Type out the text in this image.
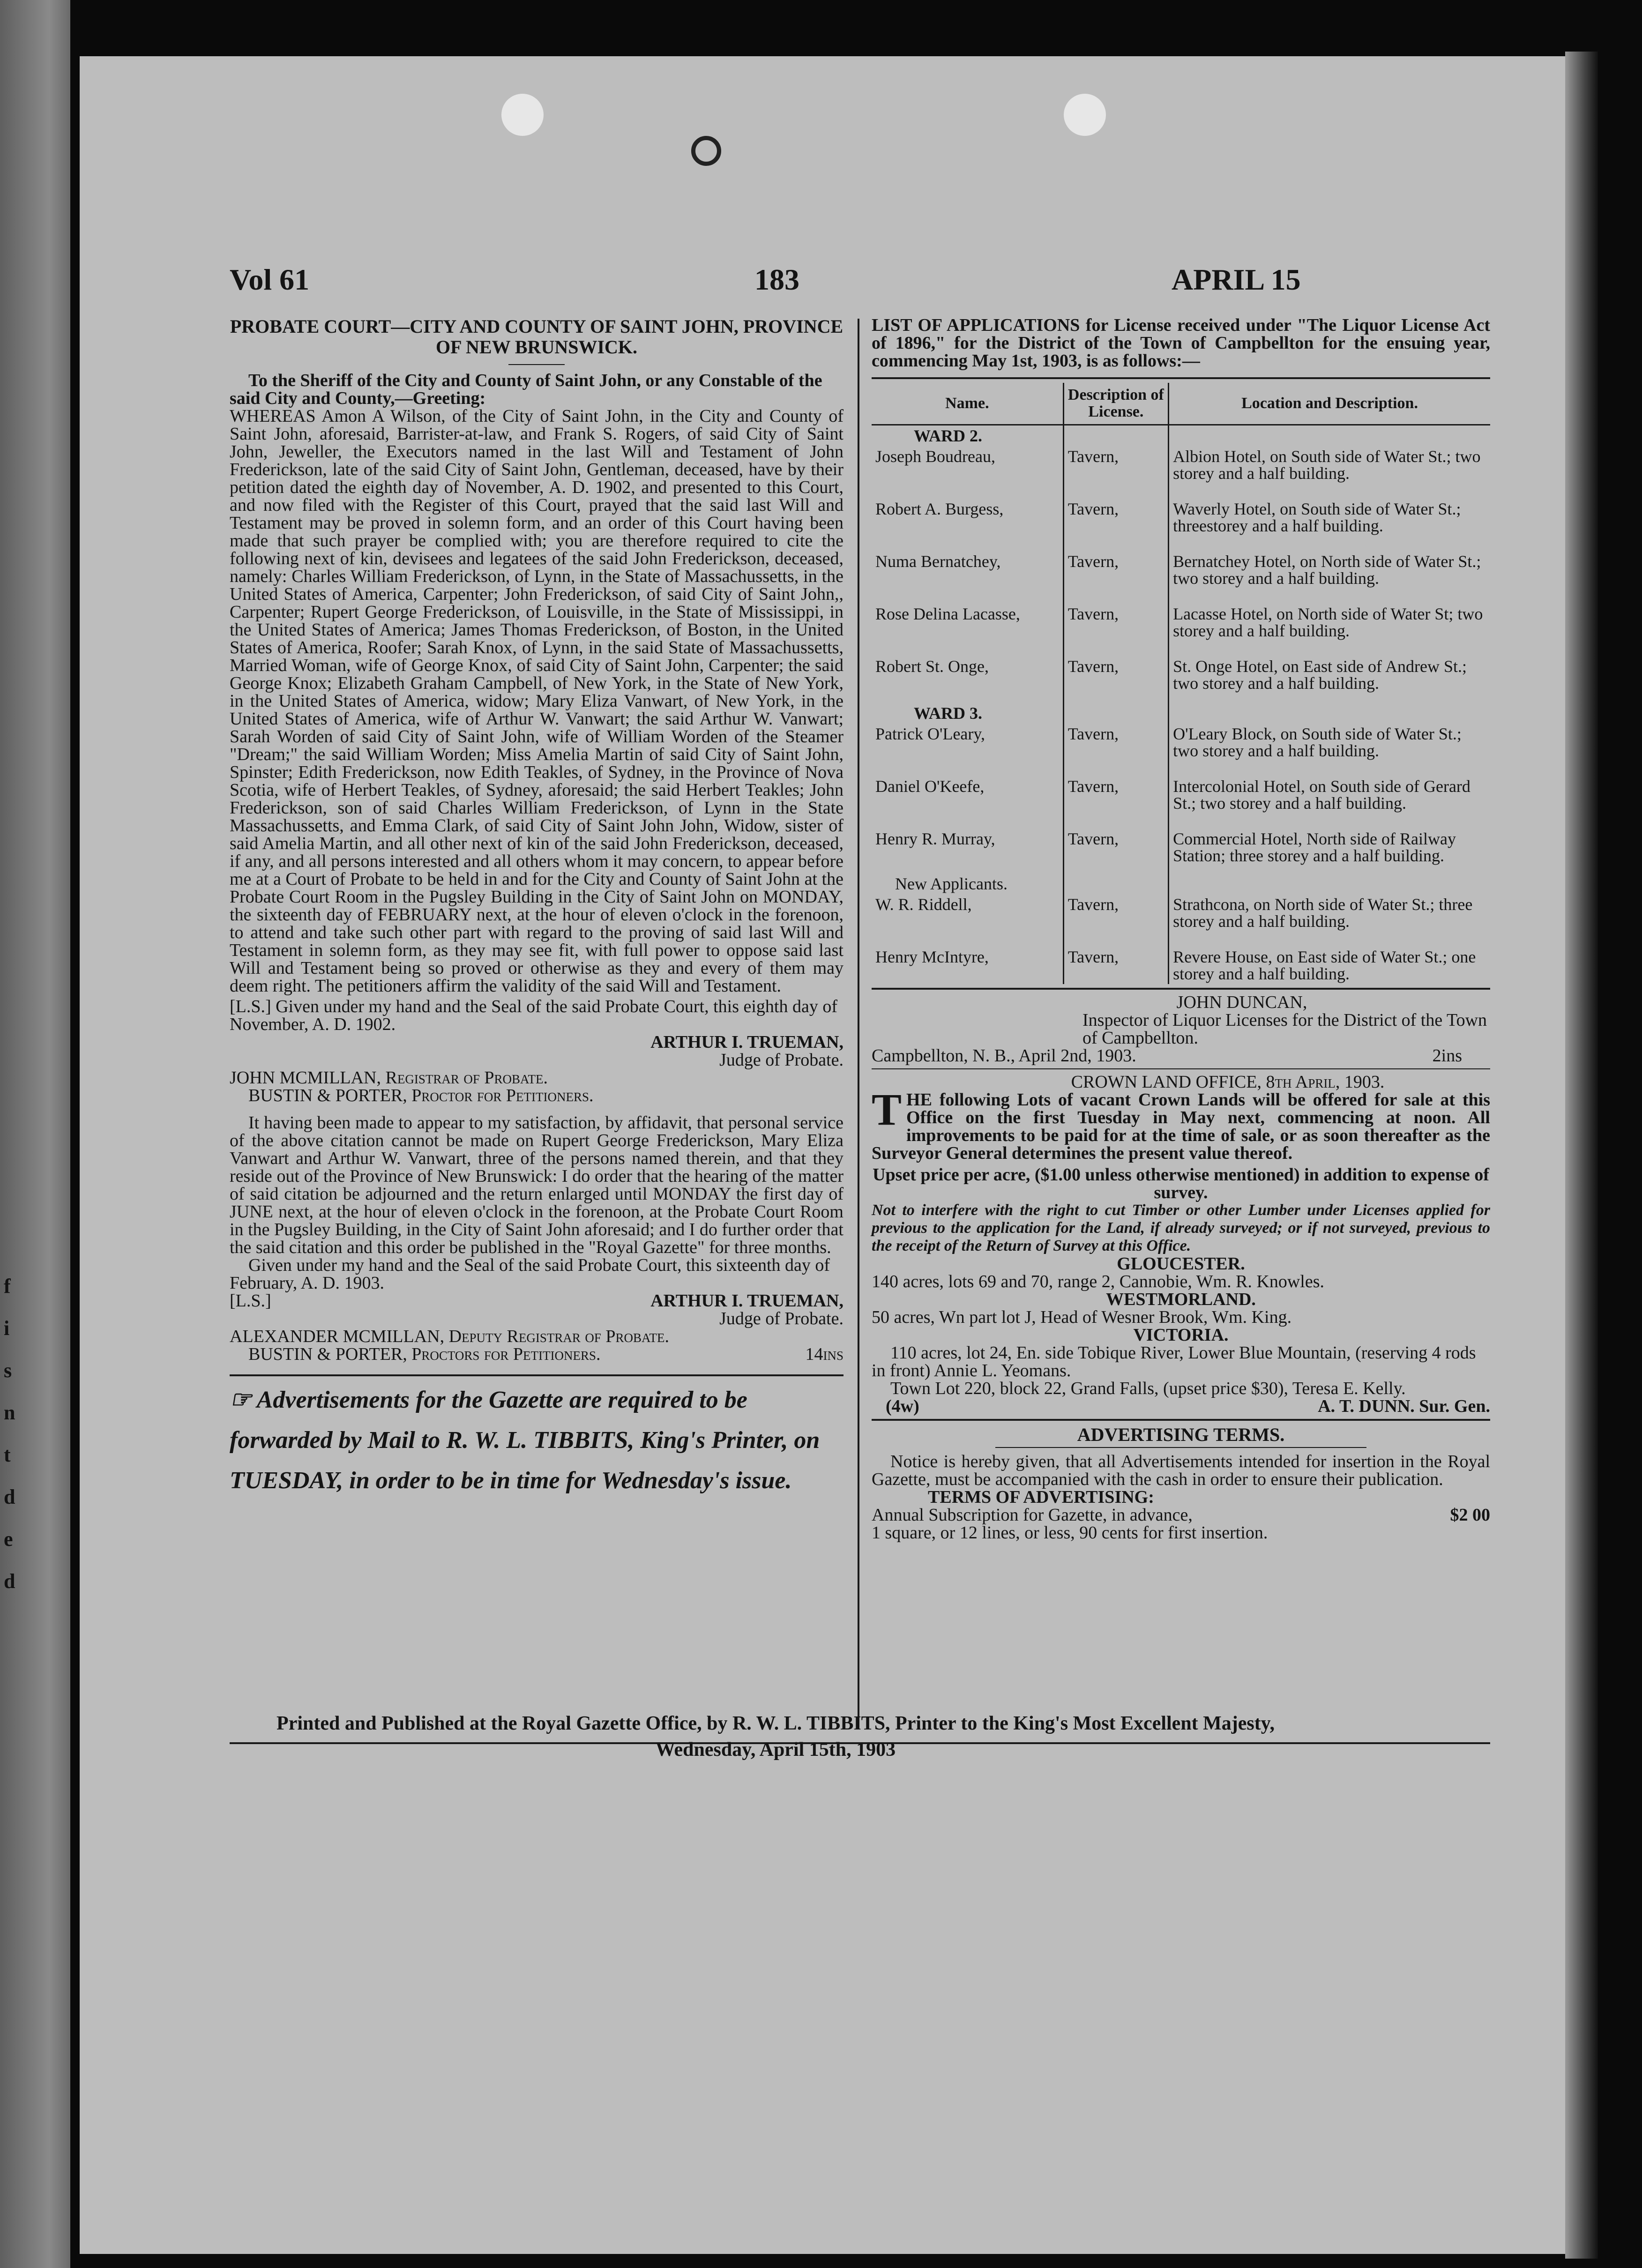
f
i
s
n
t
d
e
d
Vol 61	183	APRIL 15

PROBATE COURT—CITY AND COUNTY OF SAINT JOHN, PROVINCE OF NEW BRUNSWICK.

To the Sheriff of the City and County of Saint John, or any Constable of the said City and County,—Greeting:

WHEREAS Amon A Wilson, of the City of Saint John, in the City and County of Saint John, aforesaid, Barrister-at-law, and Frank S. Rogers, of said City of Saint John, Jeweller, the Executors named in the last Will and Testament of John Frederickson, late of the said City of Saint John, Gentleman, deceased, have by their petition dated the eighth day of November, A. D. 1902, and presented to this Court, and now filed with the Register of this Court, prayed that the said last Will and Testament may be proved in solemn form, and an order of this Court having been made that such prayer be complied with; you are therefore required to cite the following next of kin, devisees and legatees of the said John Frederickson, deceased, namely: Charles William Frederickson, of Lynn, in the State of Massachussetts, in the United States of America, Carpenter; John Frederickson, of said City of Saint John,, Carpenter; Rupert George Frederickson, of Louisville, in the State of Mississippi, in the United States of America; James Thomas Frederickson, of Boston, in the United States of America, Roofer; Sarah Knox, of Lynn, in the said State of Massachussetts, Married Woman, wife of George Knox, of said City of Saint John, Carpenter; the said George Knox; Elizabeth Graham Campbell, of New York, in the State of New York, in the United States of America, widow; Mary Eliza Vanwart, of New York, in the United States of America, wife of Arthur W. Vanwart; the said Arthur W. Vanwart; Sarah Worden of said City of Saint John, wife of William Worden of the Steamer "Dream;" the said William Worden; Miss Amelia Martin of said City of Saint John, Spinster; Edith Frederickson, now Edith Teakles, of Sydney, in the Province of Nova Scotia, wife of Herbert Teakles, of Sydney, aforesaid; the said Herbert Teakles; John Frederickson, son of said Charles William Frederickson, of Lynn in the State Massachussetts, and Emma Clark, of said City of Saint John John, Widow, sister of said Amelia Martin, and all other next of kin of the said John Frederickson, deceased, if any, and all persons interested and all others whom it may concern, to appear before me at a Court of Probate to be held in and for the City and County of Saint John at the Probate Court Room in the Pugsley Building in the City of Saint John on MONDAY, the sixteenth day of FEBRUARY next, at the hour of eleven o'clock in the forenoon, to attend and take such other part with regard to the proving of said last Will and Testament in solemn form, as they may see fit, with full power to oppose said last Will and Testament being so proved or otherwise as they and every of them may deem right. The petitioners affirm the validity of the said Will and Testament.

[L.S.] Given under my hand and the Seal of the said Probate Court, this eighth day of November, A. D. 1902.

ARTHUR I. TRUEMAN,

Judge of Probate.

JOHN MCMILLAN, Registrar of Probate.

BUSTIN & PORTER, Proctor for Petitioners.

It having been made to appear to my satisfaction, by affidavit, that personal service of the above citation cannot be made on Rupert George Frederickson, Mary Eliza Vanwart and Arthur W. Vanwart, three of the persons named therein, and that they reside out of the Province of New Brunswick: I do order that the hearing of the matter of said citation be adjourned and the return enlarged until MONDAY the first day of JUNE next, at the hour of eleven o'clock in the forenoon, at the Probate Court Room in the Pugsley Building, in the City of Saint John aforesaid; and I do further order that the said citation and this order be published in the "Royal Gazette" for three months.

Given under my hand and the Seal of the said Probate Court, this sixteenth day of February, A. D. 1903.

[L.S.]	ARTHUR I. TRUEMAN,

Judge of Probate.

ALEXANDER MCMILLAN, Deputy Registrar of Probate.

BUSTIN & PORTER, Proctors for Petitioners.	14ins

☞ Advertisements for the Gazette are required to be forwarded by Mail to R. W. L. TIBBITS, King's Printer, on TUESDAY, in order to be in time for Wednesday's issue.

LIST OF APPLICATIONS for License received under "The Liquor License Act of 1896," for the District of the Town of Campbellton for the ensuing year, commencing May 1st, 1903, is as follows:—

Name.	Description of License.	Location and Description.
WARD 2.		
Joseph Boudreau,	Tavern,	Albion Hotel, on South side of Water St.; two storey and a half building.

Robert A. Burgess,	Tavern,	Waverly Hotel, on South side of Water St.; threestorey and a half building.

Numa Bernatchey,	Tavern,	Bernatchey Hotel, on North side of Water St.; two storey and a half building.

Rose Delina Lacasse,	Tavern,	Lacasse Hotel, on North side of Water St; two storey and a half building.

Robert St. Onge,	Tavern,	St. Onge Hotel, on East side of Andrew St.; two storey and a half building.
WARD 3.		
Patrick O'Leary,	Tavern,	O'Leary Block, on South side of Water St.; two storey and a half building.

Daniel O'Keefe,	Tavern,	Intercolonial Hotel, on South side of Gerard St.; two storey and a half building.

Henry R. Murray,	Tavern,	Commercial Hotel, North side of Railway Station; three storey and a half building.
New Applicants.		
W. R. Riddell,	Tavern,	Strathcona, on North side of Water St.; three storey and a half building.

Henry McIntyre,	Tavern,	Revere House, on East side of Water St.; one storey and a half building.

JOHN DUNCAN,

Inspector of Liquor Licenses for the District of the Town of Campbellton.

Campbellton, N. B., April 2nd, 1903.	2ins

CROWN LAND OFFICE, 8th April, 1903.

T HE following Lots of vacant Crown Lands will be offered for sale at this Office on the first Tuesday in May next, commencing at noon. All improvements to be paid for at the time of sale, or as soon thereafter as the Surveyor General determines the present value thereof.

Upset price per acre, ($1.00 unless otherwise mentioned) in addition to expense of survey.

Not to interfere with the right to cut Timber or other Lumber under Licenses applied for previous to the application for the Land, if already surveyed; or if not surveyed, previous to the receipt of the Return of Survey at this Office.

GLOUCESTER.

140 acres, lots 69 and 70, range 2, Cannobie, Wm. R. Knowles.

WESTMORLAND.

50 acres, Wn part lot J, Head of Wesner Brook, Wm. King.

VICTORIA.

110 acres, lot 24, En. side Tobique River, Lower Blue Mountain, (reserving 4 rods in front) Annie L. Yeomans.

Town Lot 220, block 22, Grand Falls, (upset price $30), Teresa E. Kelly.

(4w)	A. T. DUNN. Sur. Gen.

ADVERTISING TERMS.

Notice is hereby given, that all Advertisements intended for insertion in the Royal Gazette, must be accompanied with the cash in order to ensure their publication.

TERMS OF ADVERTISING:

Annual Subscription for Gazette, in advance,	$2 00

1 square, or 12 lines, or less, 90 cents for first insertion.

Printed and Published at the Royal Gazette Office, by R. W. L. TIBBITS, Printer to the King's Most Excellent Majesty,
Wednesday, April 15th, 1903
